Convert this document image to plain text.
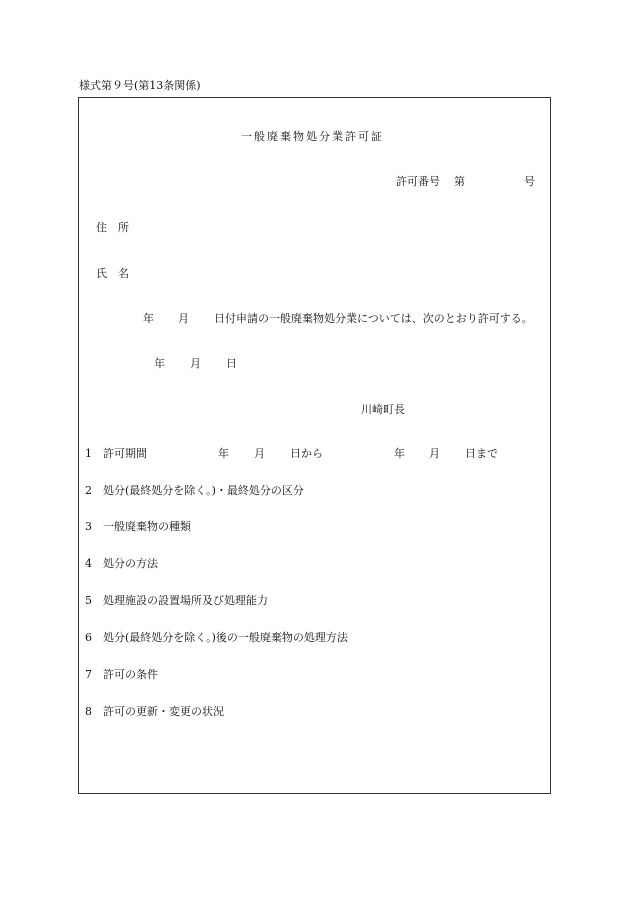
様式第９号(第13条関係)
一般廃棄物処分業許可証
許可番号 第	号
住　所
氏　名
年 月 日付申請の一般廃棄物処分業については、次のとおり許可する。
年 月 日
川崎町長
1 許可期間	年 月 日から	年 月 日まで
2 処分(最終処分を除く。)・最終処分の区分
3 一般廃棄物の種類
4 処分の方法
5 処理施設の設置場所及び処理能力
6 処分(最終処分を除く。)後の一般廃棄物の処理方法
7 許可の条件
8 許可の更新・変更の状況
